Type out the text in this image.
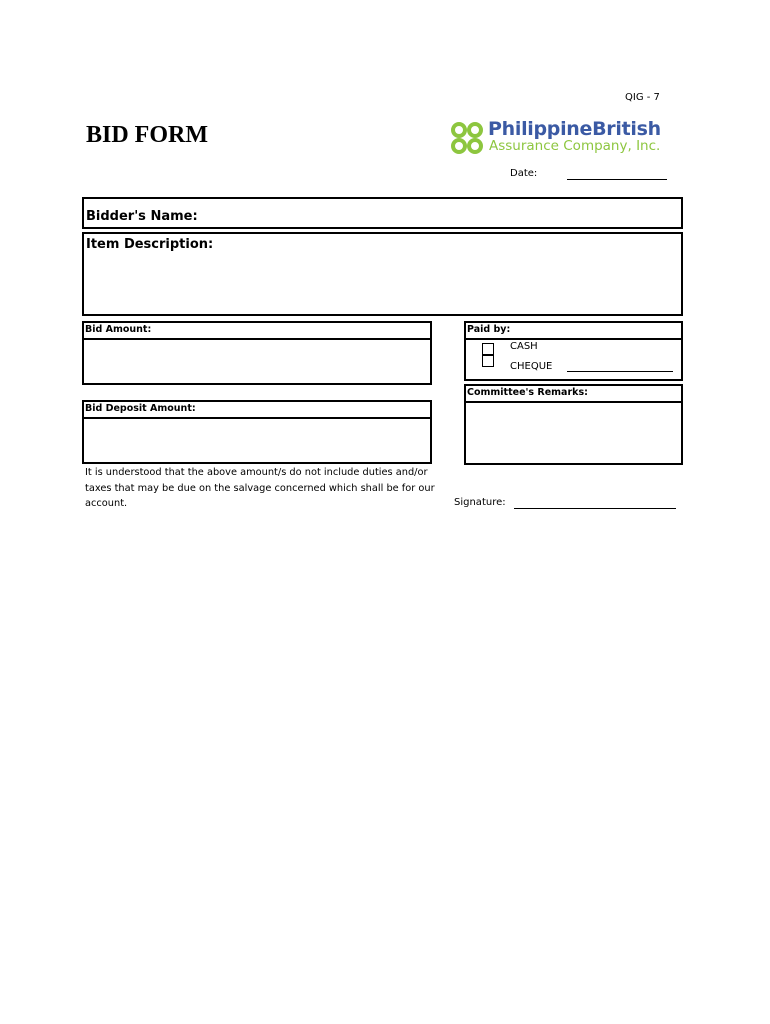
QIG - 7
BID FORM	PhilippineBritish
Assurance Company, Inc.
Date:
Bidder's Name:
Item Description:
Bid Amount:
Bid Deposit Amount:
Paid by:
CASH
CHEQUE
Committee's Remarks:
It is understood that the above amount/s do not include duties and/or taxes that may be due on the salvage concerned which shall be for our account.	Signature:
